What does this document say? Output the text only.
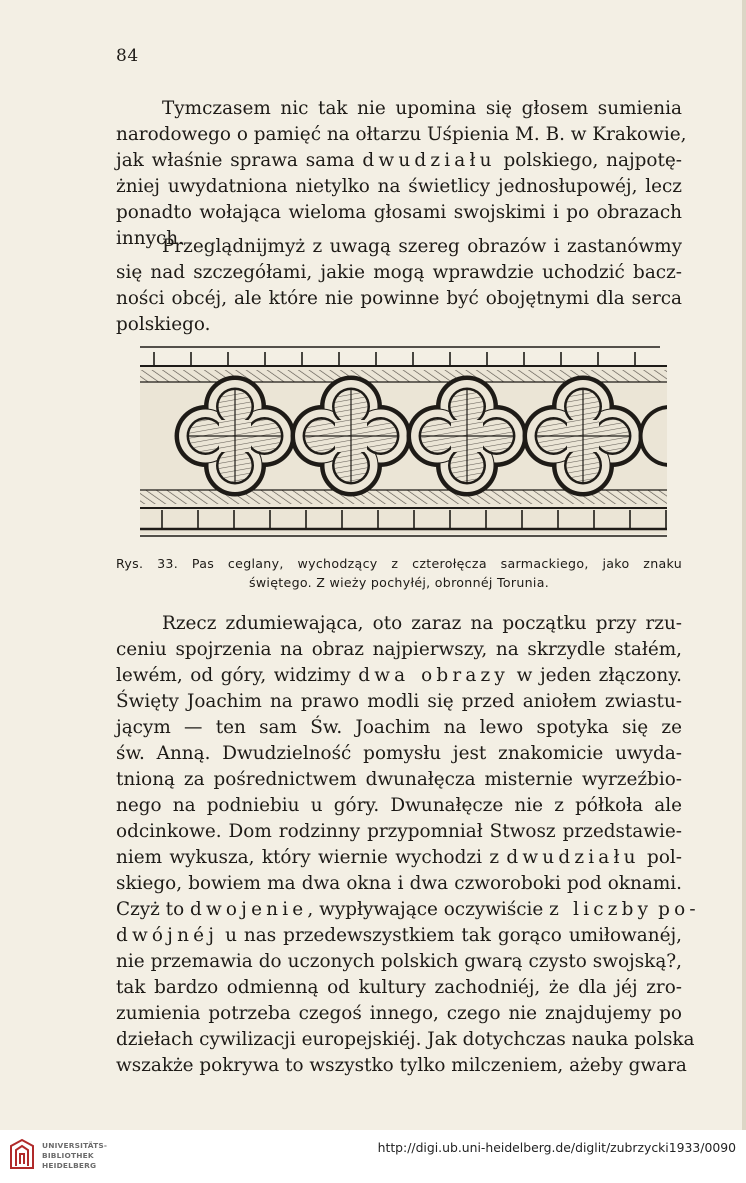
84

Tymczasem nic tak nie upomina się głosem sumienia
narodowego o pamięć na ołtarzu Uśpienia M. B. w Krakowie,
jak właśnie sprawa sama dwudziału polskiego, najpotę-
żniej uwydatniona nietylko na świetlicy jednosłupowéj, lecz
ponadto wołająca wieloma głosami swojskimi i po obrazach
innych.

Przeglądnijmyż z uwagą szereg obrazów i zastanówmy
się nad szczegółami, jakie mogą wprawdzie uchodzić bacz-
ności obcéj, ale które nie powinne być obojętnymi dla serca
polskiego.

Rys. 33. Pas ceglany, wychodzący z czterołęcza sarmackiego, jako znaku
świętego. Z wieży pochyłéj, obronnéj Torunia.

Rzecz zdumiewająca, oto zaraz na początku przy rzu-
ceniu spojrzenia na obraz najpierwszy, na skrzydle stałém,
lewém, od góry, widzimy dwa obrazy w jeden złączony.
Święty Joachim na prawo modli się przed aniołem zwiastu-
jącym — ten sam Św. Joachim na lewo spotyka się ze
św. Anną. Dwudzielność pomysłu jest znakomicie uwyda-
tnioną za pośrednictwem dwunałęcza misternie wyrzeźbio-
nego na podniebiu u góry. Dwunałęcze nie z półkoła ale
odcinkowe. Dom rodzinny przypomniał Stwosz przedstawie-
niem wykusza, który wiernie wychodzi z dwudziału pol-
skiego, bowiem ma dwa okna i dwa czworoboki pod oknami.
Czyż to dwojenie, wypływające oczywiście z liczby po-
dwójnéj u nas przedewszystkiem tak gorąco umiłowanéj,
nie przemawia do uczonych polskich gwarą czysto swojską?,
tak bardzo odmienną od kultury zachodniéj, że dla jéj zro-
zumienia potrzeba czegoś innego, czego nie znajdujemy po
dziełach cywilizacji europejskiéj. Jak dotychczas nauka polska
wszakże pokrywa to wszystko tylko milczeniem, ażeby gwara

UNIVERSITÄTS-
BIBLIOTHEK
HEIDELBERG
http://digi.ub.uni-heidelberg.de/diglit/zubrzycki1933/0090
